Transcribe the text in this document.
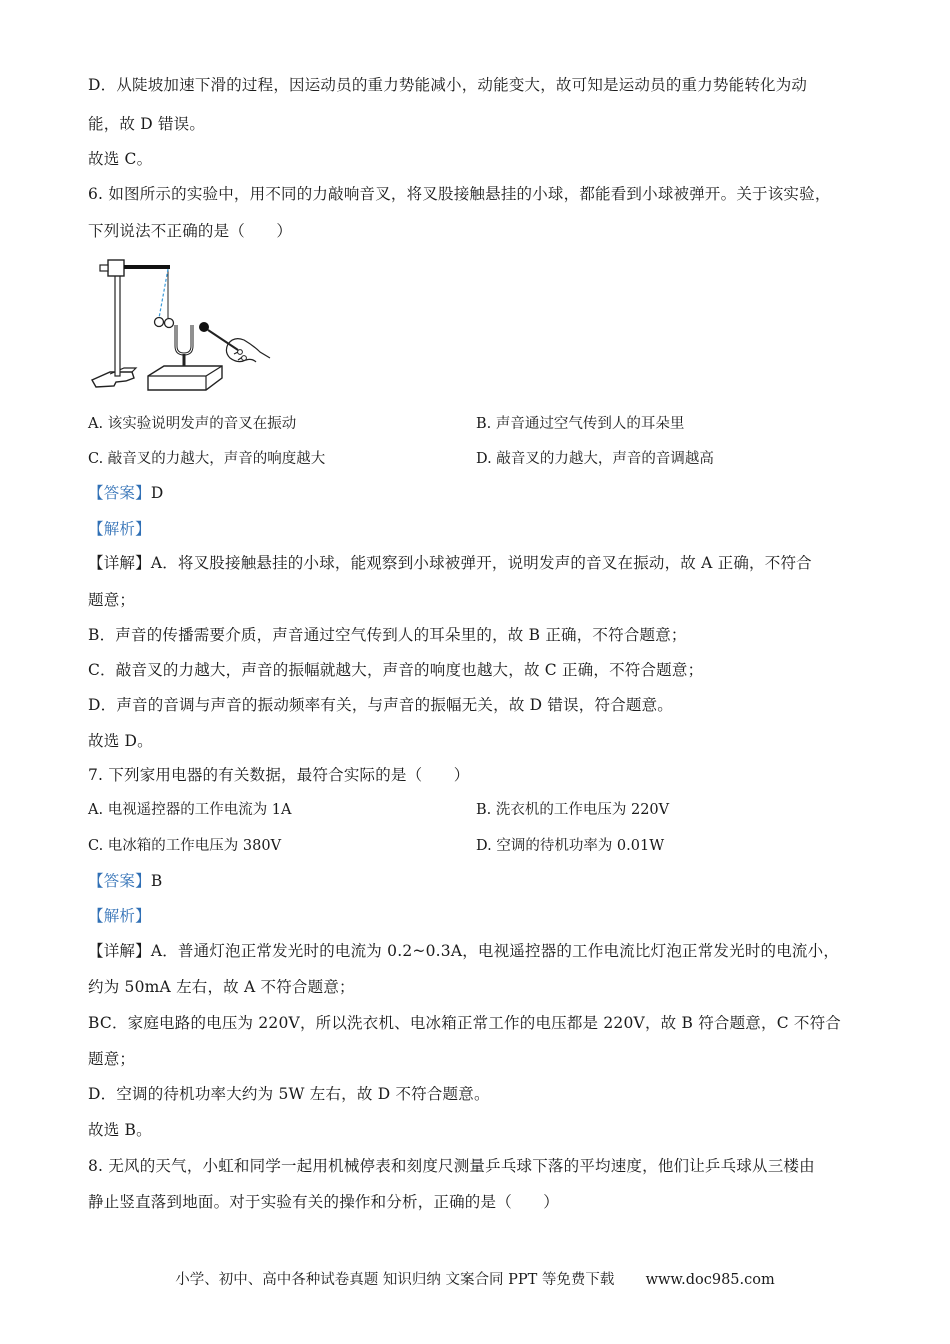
D．从陡坡加速下滑的过程，因运动员的重力势能减小，动能变大，故可知是运动员的重力势能转化为动
能，故 D 错误。
故选 C。
6. 如图所示的实验中，用不同的力敲响音叉，将叉股接触悬挂的小球，都能看到小球被弹开。关于该实验，
下列说法不正确的是（　　）
A. 该实验说明发声的音叉在振动	B. 声音通过空气传到人的耳朵里
C. 敲音叉的力越大，声音的响度越大	D. 敲音叉的力越大，声音的音调越高
【答案】D
【解析】
【详解】A．将叉股接触悬挂的小球，能观察到小球被弹开，说明发声的音叉在振动，故 A 正确，不符合
题意；
B．声音的传播需要介质，声音通过空气传到人的耳朵里的，故 B 正确，不符合题意；
C．敲音叉的力越大，声音的振幅就越大，声音的响度也越大，故 C 正确，不符合题意；
D．声音的音调与声音的振动频率有关，与声音的振幅无关，故 D 错误，符合题意。
故选 D。
7. 下列家用电器的有关数据，最符合实际的是（　　）
A. 电视遥控器的工作电流为 1A	B. 洗衣机的工作电压为 220V
C. 电冰箱的工作电压为 380V	D. 空调的待机功率为 0.01W
【答案】B
【解析】
【详解】A．普通灯泡正常发光时的电流为 0.2~0.3A，电视遥控器的工作电流比灯泡正常发光时的电流小，
约为 50mA 左右，故 A 不符合题意；
BC．家庭电路的电压为 220V，所以洗衣机、电冰箱正常工作的电压都是 220V，故 B 符合题意，C 不符合
题意；
D．空调的待机功率大约为 5W 左右，故 D 不符合题意。
故选 B。
8. 无风的天气，小虹和同学一起用机械停表和刻度尺测量乒乓球下落的平均速度，他们让乒乓球从三楼由
静止竖直落到地面。对于实验有关的操作和分析，正确的是（　　）
小学、初中、高中各种试卷真题 知识归纳 文案合同 PPT 等免费下载 www.doc985.com
